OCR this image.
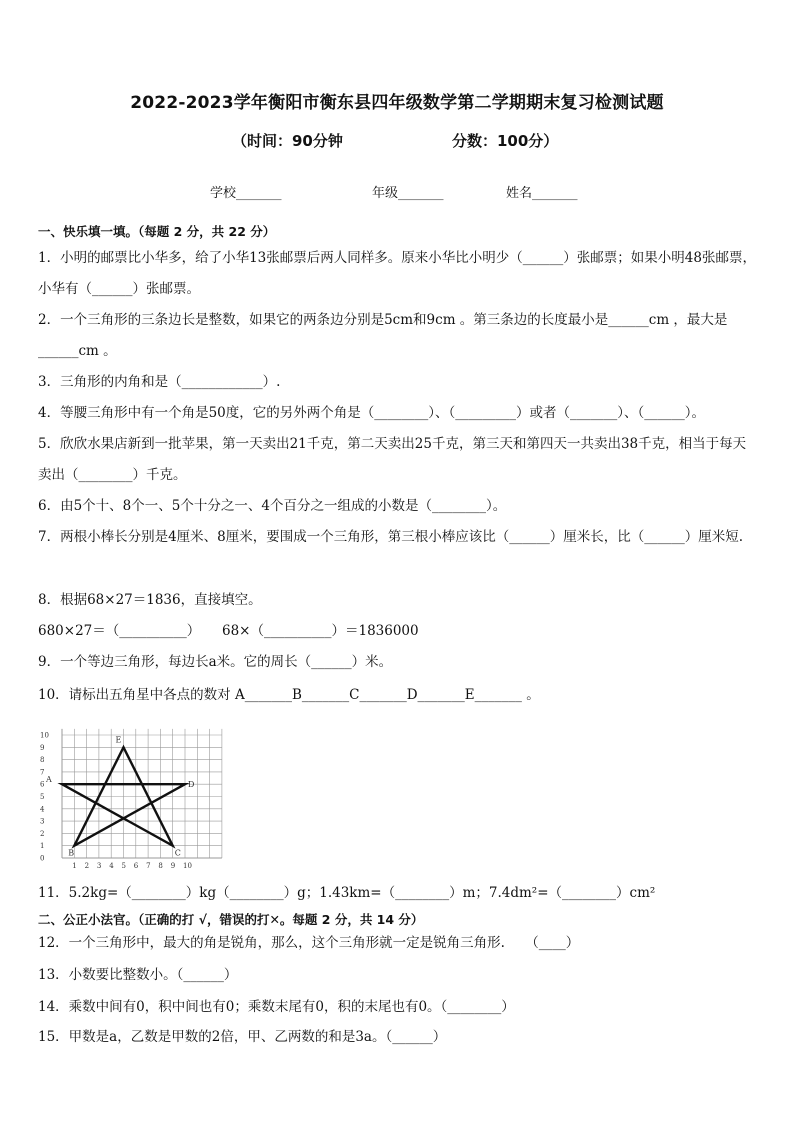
2022-2023学年衡阳市衡东县四年级数学第二学期期末复习检测试题
（时间：90分钟	分数：100分）
学校_______	年级_______	姓名_______
一、快乐填一填。（每题 2 分，共 22 分）
1．小明的邮票比小华多，给了小华13张邮票后两人同样多。原来小华比小明少（______）张邮票；如果小明48张邮票，小华有（______）张邮票。
2．一个三角形的三条边长是整数，如果它的两条边分别是5cm和9cm 。第三条边的长度最小是______cm ，最大是______cm 。
3．三角形的内角和是（____________）.
4．等腰三角形中有一个角是50度，它的另外两个角是（________）、（_________）或者（_______）、（______）。
5．欣欣水果店新到一批苹果，第一天卖出21千克，第二天卖出25千克，第三天和第四天一共卖出38千克，相当于每天卖出（________）千克。
6．由5个十、8个一、5个十分之一、4个百分之一组成的小数是（________）。
7．两根小棒长分别是4厘米、8厘米，要围成一个三角形，第三根小棒应该比（______）厘米长，比（______）厘米短.
8．根据68×27＝1836，直接填空。
680×27＝（__________）	68×（__________）＝1836000
9．一个等边三角形，每边长a米。它的周长（______）米。
10．请标出五角星中各点的数对 A_______B_______C_______D_______E_______ 。
10
9
8
7
6
5
4
3
2
1
0
1 2 3 4 5 6 7 8 9 10
A
B	C
D
E
11．5.2kg=（________）kg（________）g；1.43km=（________）m；7.4dm²=（________）cm²
二、公正小法官。（正确的打 √，错误的打✕。每题 2 分，共 14 分）
12．一个三角形中，最大的角是锐角，那么，这个三角形就一定是锐角三角形.　　（____）
13．小数要比整数小。（______）
14．乘数中间有0，积中间也有0；乘数末尾有0，积的末尾也有0。（________）
15．甲数是a，乙数是甲数的2倍，甲、乙两数的和是3a。（______）
